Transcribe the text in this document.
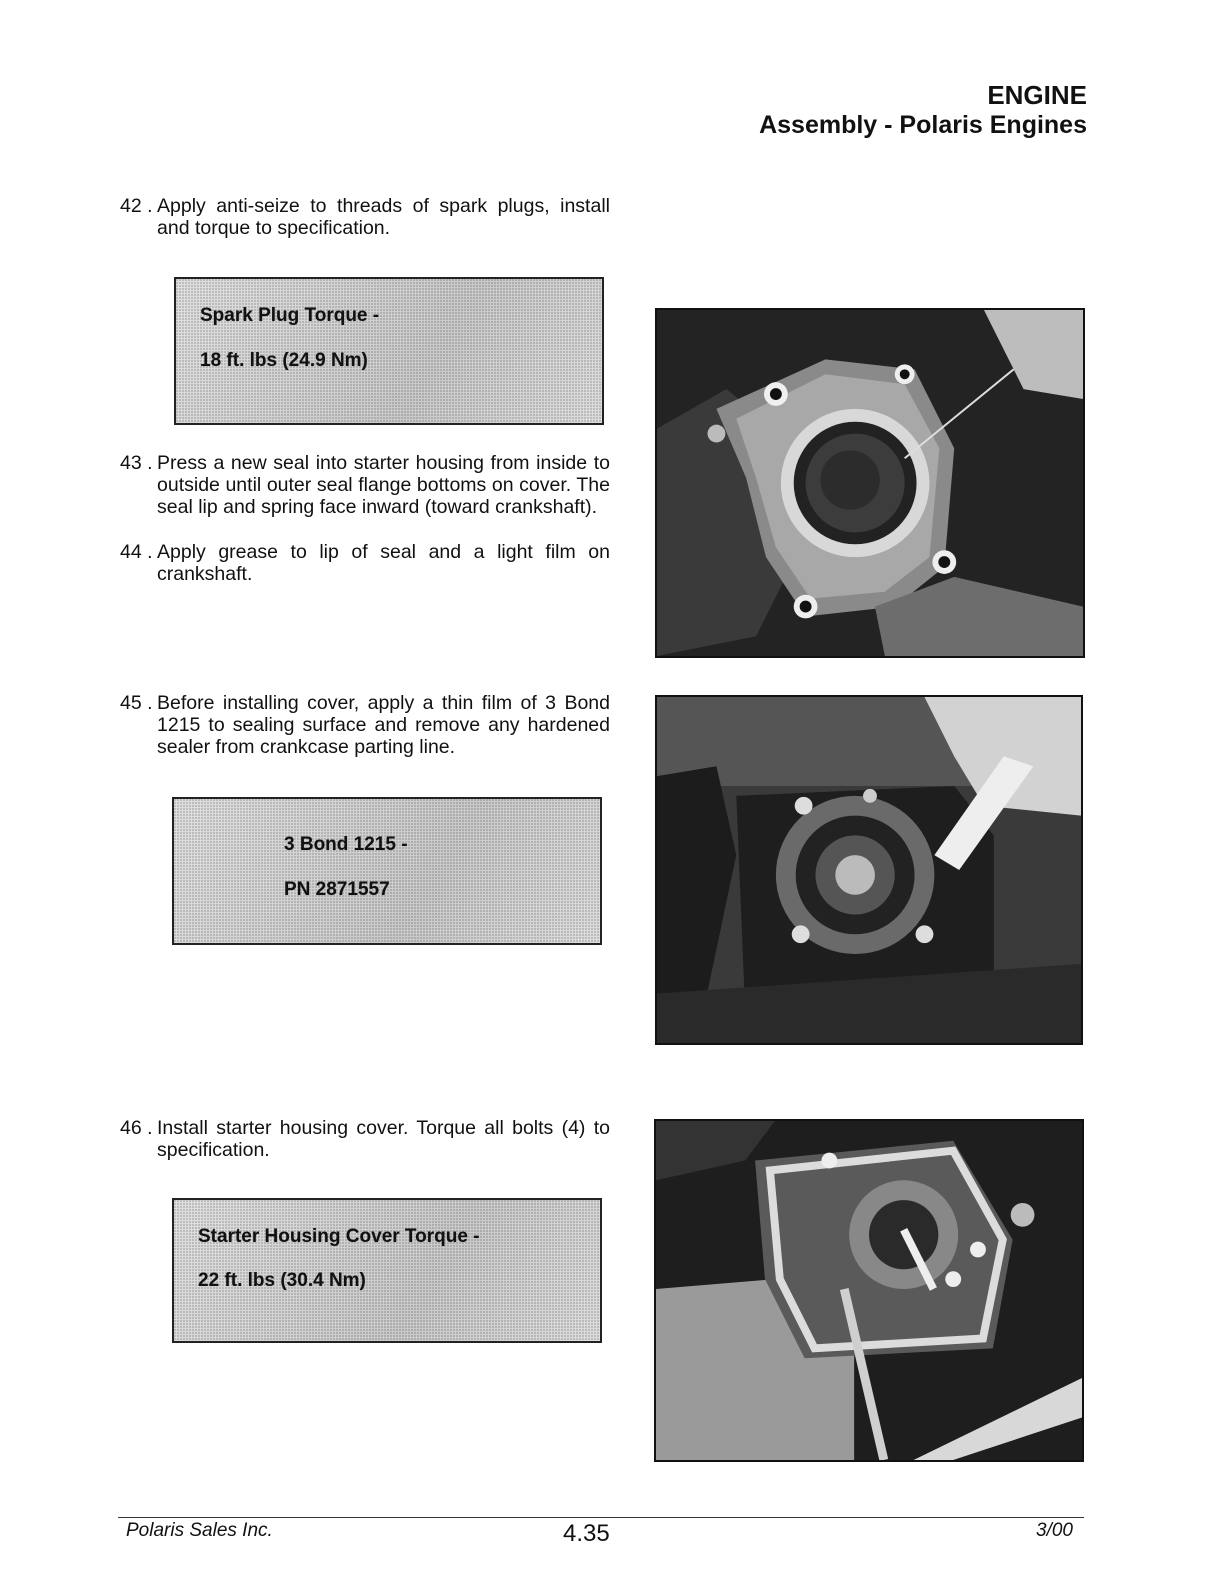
ENGINE
Assembly - Polaris Engines
42 . Apply anti-seize to threads of spark plugs, install and torque to specification.
Spark Plug Torque -
18 ft. lbs (24.9 Nm)
43 . Press a new seal into starter housing from inside to outside until outer seal flange bottoms on cover. The seal lip and spring face inward (toward crankshaft).
44 . Apply grease to lip of seal and a light film on crankshaft.
45 . Before installing cover, apply a thin film of 3 Bond 1215 to sealing surface and remove any hardened sealer from crankcase parting line.
3 Bond 1215 -
PN 2871557
46 . Install starter housing cover. Torque all bolts (4) to specification.
Starter Housing Cover Torque -
22 ft. lbs (30.4 Nm)
Polaris Sales Inc.	4.35	3/00
